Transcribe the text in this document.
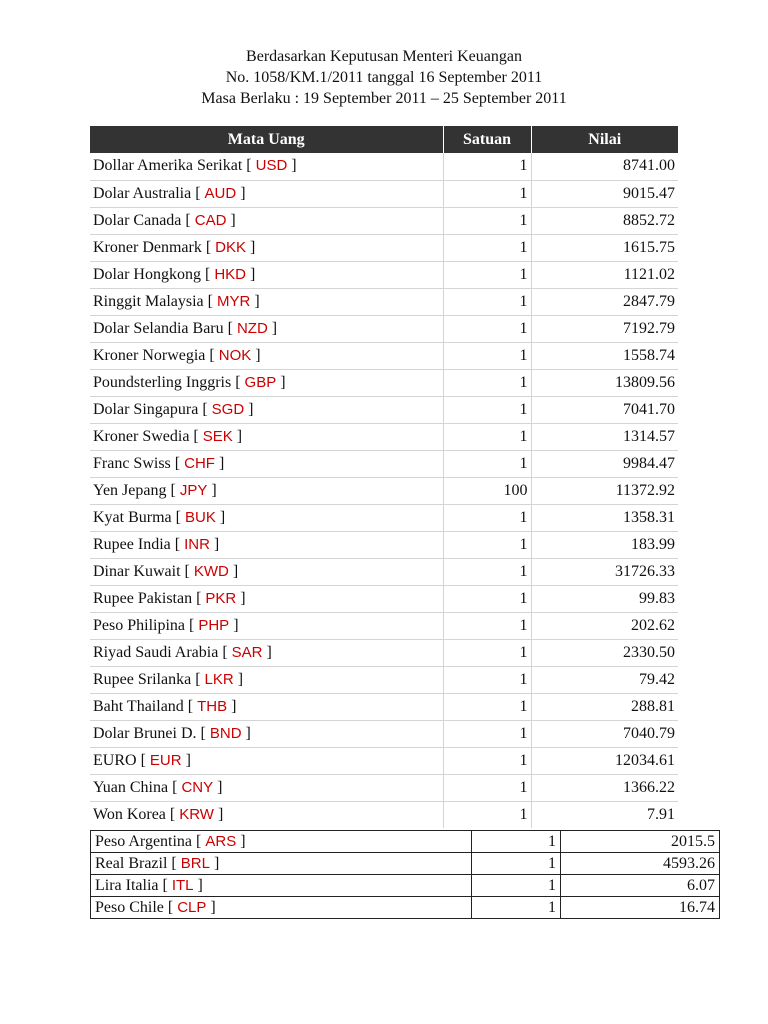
Berdasarkan Keputusan Menteri Keuangan
No. 1058/KM.1/2011 tanggal 16 September 2011
Masa Berlaku : 19 September 2011 – 25 September 2011
Mata Uang	Satuan	Nilai
Dollar Amerika Serikat [ USD ]	1	8741.00
Dolar Australia [ AUD ]	1	9015.47
Dolar Canada [ CAD ]	1	8852.72
Kroner Denmark [ DKK ]	1	1615.75
Dolar Hongkong [ HKD ]	1	1121.02
Ringgit Malaysia [ MYR ]	1	2847.79
Dolar Selandia Baru [ NZD ]	1	7192.79
Kroner Norwegia [ NOK ]	1	1558.74
Poundsterling Inggris [ GBP ]	1	13809.56
Dolar Singapura [ SGD ]	1	7041.70
Kroner Swedia [ SEK ]	1	1314.57
Franc Swiss [ CHF ]	1	9984.47
Yen Jepang [ JPY ]	100	11372.92
Kyat Burma [ BUK ]	1	1358.31
Rupee India [ INR ]	1	183.99
Dinar Kuwait [ KWD ]	1	31726.33
Rupee Pakistan [ PKR ]	1	99.83
Peso Philipina [ PHP ]	1	202.62
Riyad Saudi Arabia [ SAR ]	1	2330.50
Rupee Srilanka [ LKR ]	1	79.42
Baht Thailand [ THB ]	1	288.81
Dolar Brunei D. [ BND ]	1	7040.79
EURO [ EUR ]	1	12034.61
Yuan China [ CNY ]	1	1366.22
Won Korea [ KRW ]	1	7.91
Peso Argentina [ ARS ]	1	2015.5
Real Brazil [ BRL ]	1	4593.26
Lira Italia [ ITL ]	1	6.07
Peso Chile [ CLP ]	1	16.74
